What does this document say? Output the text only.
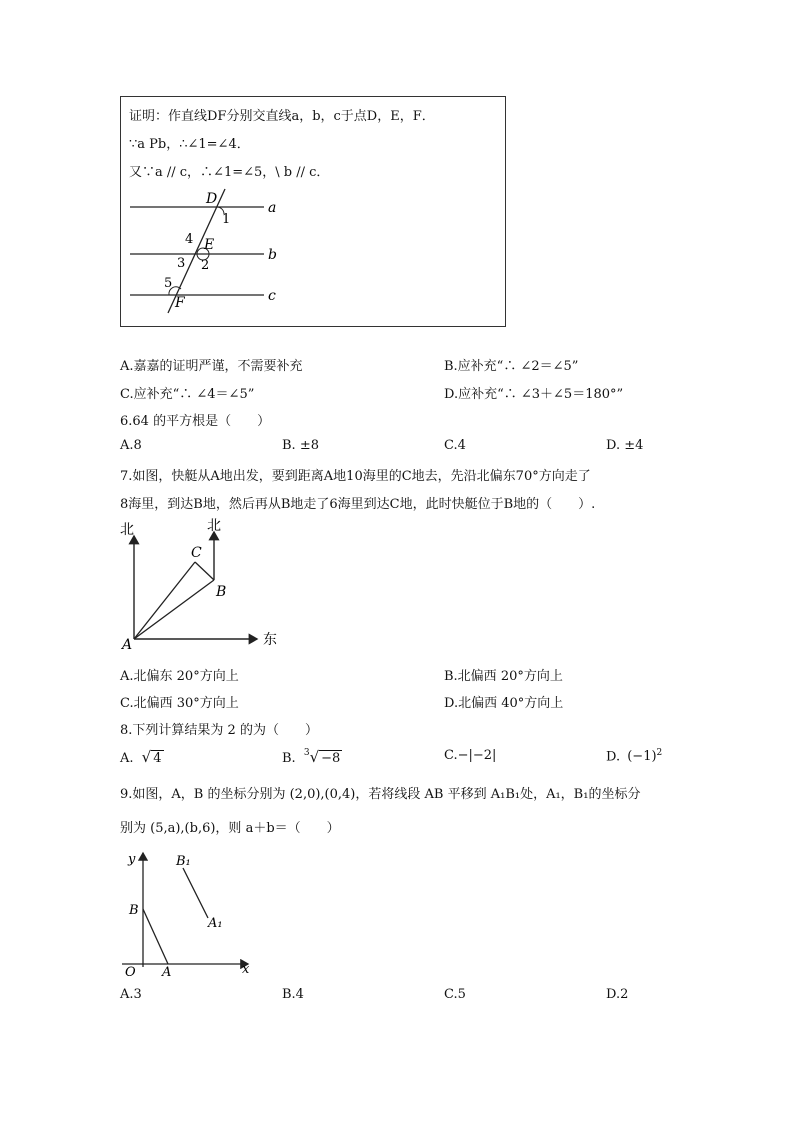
证明：作直线DF分别交直线a，b，c于点D，E，F．
∵a Pb，∴∠1=∠4．
又∵a // c，∴∠1=∠5，\ b // c．
D
1
a
4 E
3 2
b
5
F	c
A.嘉嘉的证明严谨，不需要补充	B.应补充“∴ ∠2＝∠5”
C.应补充“∴ ∠4＝∠5”	D.应补充“∴ ∠3＋∠5＝180°”
6.64 的平方根是（　　）
A.8	B. ±8	C.4	D. ±4
7.如图，快艇从A地出发，要到距离A地10海里的C地去，先沿北偏东70°方向走了
8海里，到达B地，然后再从B地走了6海里到达C地，此时快艇位于B地的（　　）.
北	北
东
A
B
C
A.北偏东 20°方向上	B.北偏西 20°方向上
C.北偏西 30°方向上	D.北偏西 40°方向上
8.下列计算结果为 2 的为（　　）
A. √ 4	B. $^3$√ −8	C.−|−2|	D. $(-1)^2$
9.如图，A，B 的坐标分别为 (2,0),(0,4)，若将线段 AB 平移到 A₁B₁处，A₁，B₁的坐标分
别为 (5,a),(b,6)，则 a＋b＝（　　）
y
x
O A
B
B₁
A₁
A.3	B.4	C.5	D.2
